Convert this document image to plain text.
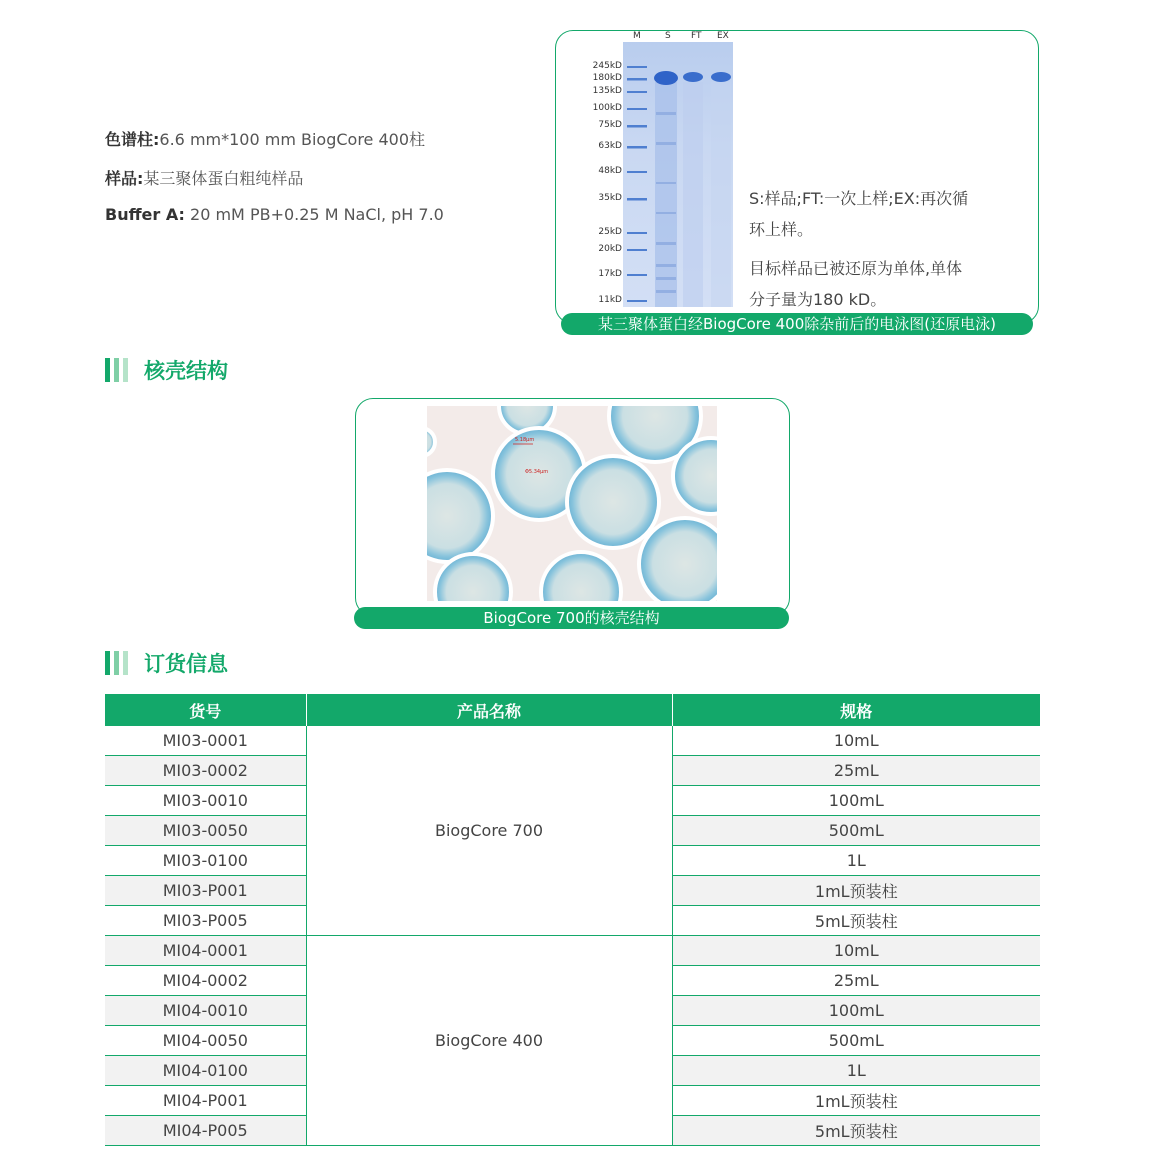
色谱柱:6.6 mm*100 mm BiogCore 400柱
样品:某三聚体蛋白粗纯样品
Buffer A: 20 mM PB+0.25 M NaCl, pH 7.0
M	S FT EX
245kD
180kD
135kD
100kD
75kD
63kD
48kD
35kD
25kD
20kD
17kD
11kD
S:样品;FT:一次上样;EX:再次循
环上样。
目标样品已被还原为单体,单体
分子量为180 kD。
某三聚体蛋白经BiogCore 400除杂前后的电泳图(还原电泳)
核壳结构
5.18μm
Φ5.34μm
BiogCore 700的核壳结构
订货信息
货号	产品名称	规格
MI03-0001	BiogCore 700	10mL
MI03-0002		25mL
MI03-0010		100mL
MI03-0050		500mL
MI03-0100		1L
MI03-P001		1mL预装柱
MI03-P005		5mL预装柱
MI04-0001	BiogCore 400	10mL
MI04-0002		25mL
MI04-0010		100mL
MI04-0050		500mL
MI04-0100		1L
MI04-P001		1mL预装柱
MI04-P005		5mL预装柱
